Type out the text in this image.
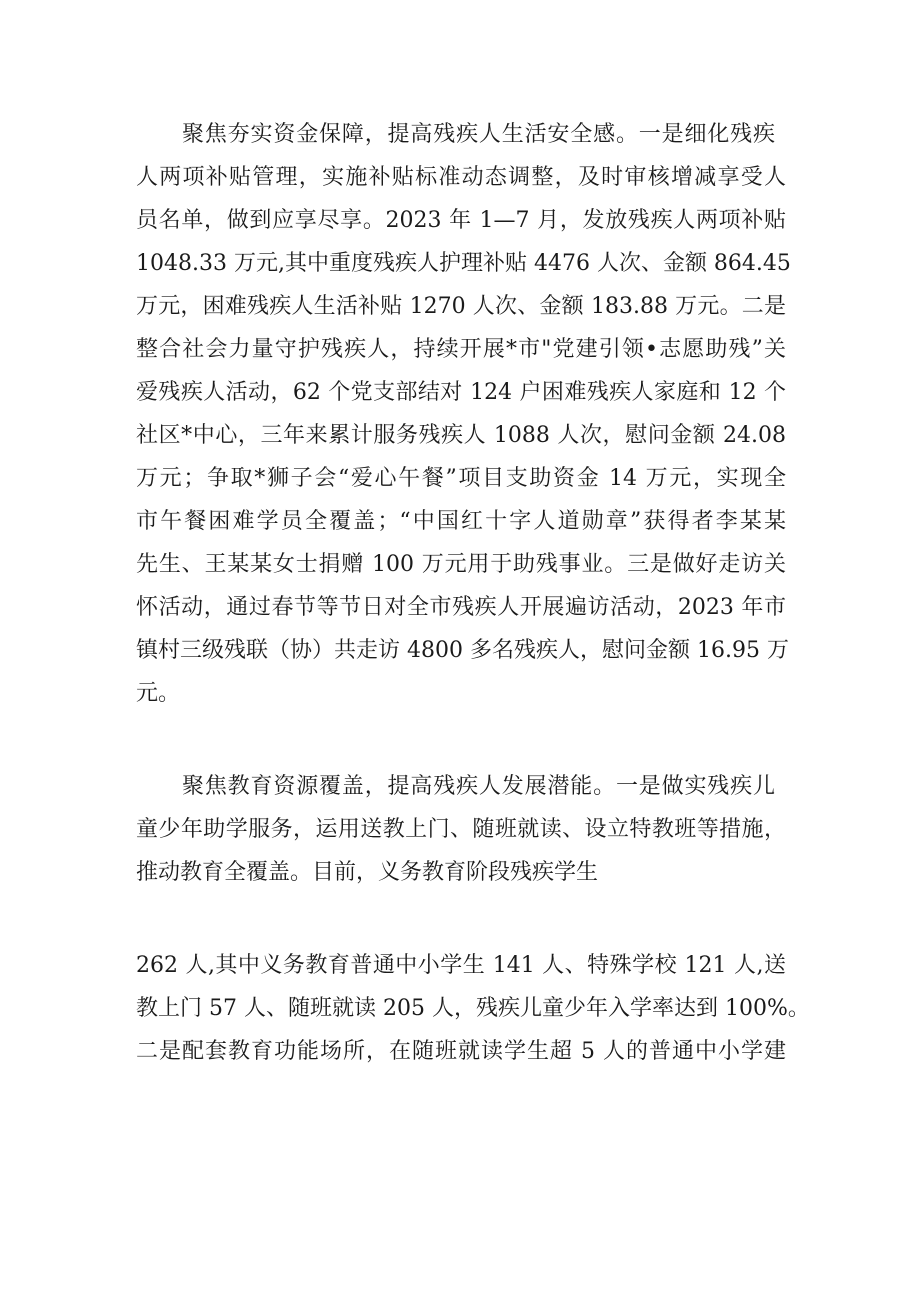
聚焦夯实资金保障，提高残疾人生活安全感。一是细化残疾
人两项补贴管理，实施补贴标准动态调整，及时审核增减享受人
员名单，做到应享尽享。2023 年 1—7 月，发放残疾人两项补贴
1048.33 万元,其中重度残疾人护理补贴 4476 人次、金额 864.45
万元，困难残疾人生活补贴 1270 人次、金额 183.88 万元。二是
整合社会力量守护残疾人，持续开展*市"党建引领•志愿助残”关
爱残疾人活动，62 个党支部结对 124 户困难残疾人家庭和 12 个
社区*中心，三年来累计服务残疾人 1088 人次，慰问金额 24.08
万元；争取*狮子会“爱心午餐”项目支助资金 14 万元，实现全
市午餐困难学员全覆盖；“中国红十字人道勋章”获得者李某某
先生、王某某女士捐赠 100 万元用于助残事业。三是做好走访关
怀活动，通过春节等节日对全市残疾人开展遍访活动，2023 年市
镇村三级残联（协）共走访 4800 多名残疾人，慰问金额 16.95 万
元。
聚焦教育资源覆盖，提高残疾人发展潜能。一是做实残疾儿
童少年助学服务，运用送教上门、随班就读、设立特教班等措施，
推动教育全覆盖。目前，义务教育阶段残疾学生
262 人,其中义务教育普通中小学生 141 人、特殊学校 121 人,送
教上门 57 人、随班就读 205 人，残疾儿童少年入学率达到 100%。
二是配套教育功能场所，在随班就读学生超 5 人的普通中小学建
